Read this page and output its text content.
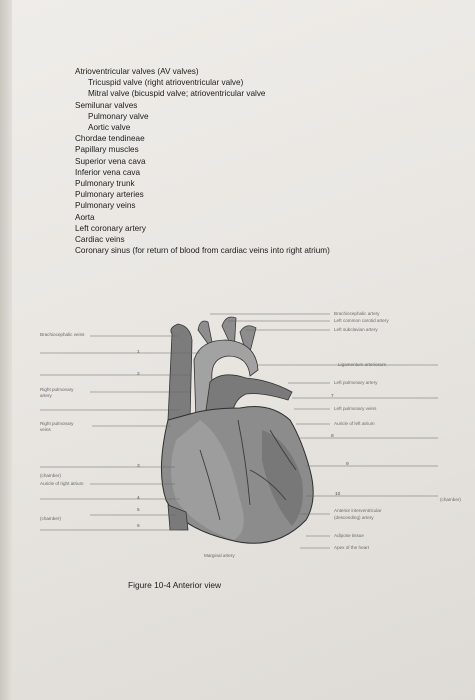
Atrioventricular valves (AV valves)
Tricuspid valve (right atrioventricular valve)
Mitral valve (bicuspid valve; atrioventricular valve
Semilunar valves
Pulmonary valve
Aortic valve
Chordae tendineae
Papillary muscles
Superior vena cava
Inferior vena cava
Pulmonary trunk
Pulmonary arteries
Pulmonary veins
Aorta
Left coronary artery
Cardiac veins
Coronary sinus (for return of blood from cardiac veins into right atrium)
Brachiocephalic veins
Right pulmonary
artery
Right pulmonary
veins
(chamber)
Auricle of right atrium
(chamber)
Brachiocephalic artery
Left common carotid artery
Left subclavian artery
Ligamentum arteriosum
Left pulmonary artery
Left pulmonary veins
Auricle of left atrium
(chamber)
Anterior interventricular
(descending) artery
Adipose tissue
Apex of the heart
Marginal artery
1
2
3
4
5
6
7
8
9
10
Figure 10-4 Anterior view
